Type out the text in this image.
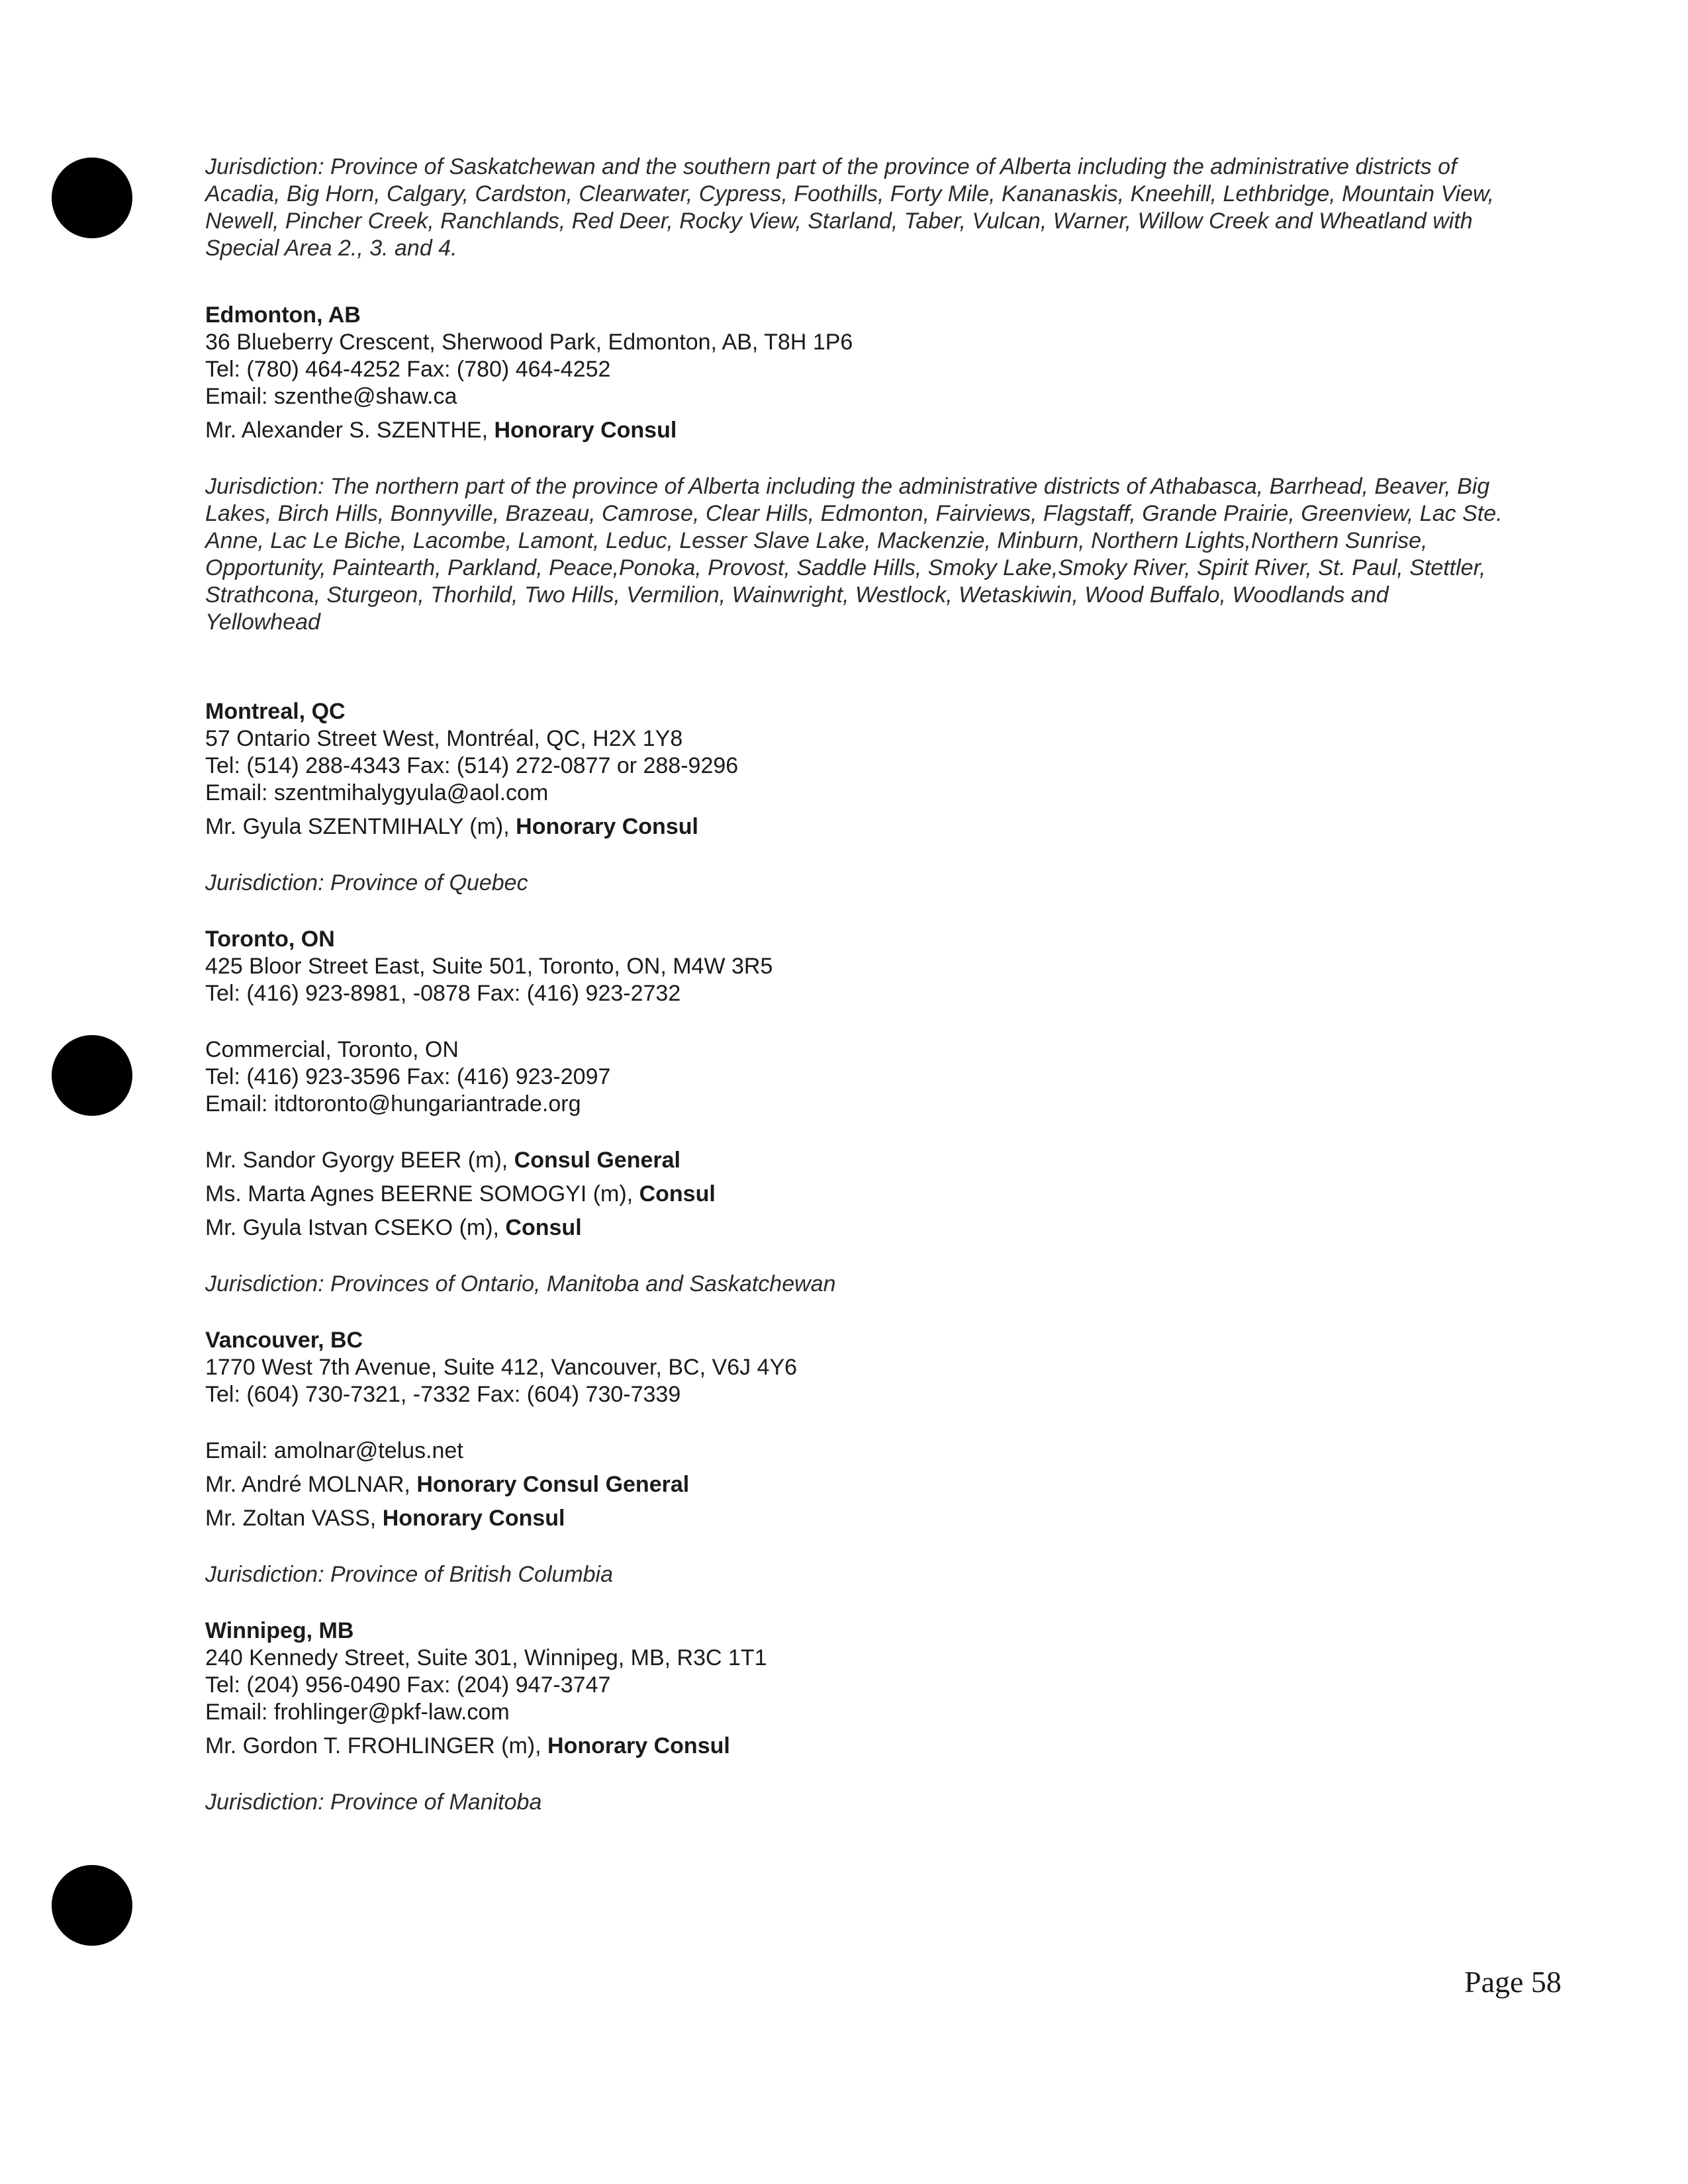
Jurisdiction: Province of Saskatchewan and the southern part of the province of Alberta including the administrative districts of Acadia, Big Horn, Calgary, Cardston, Clearwater, Cypress, Foothills, Forty Mile, Kananaskis, Kneehill, Lethbridge, Mountain View, Newell, Pincher Creek, Ranchlands, Red Deer, Rocky View, Starland, Taber, Vulcan, Warner, Willow Creek and Wheatland with Special Area 2., 3. and 4.

Edmonton, AB

36 Blueberry Crescent, Sherwood Park, Edmonton, AB, T8H 1P6

Tel: (780) 464-4252 Fax: (780) 464-4252

Email: szenthe@shaw.ca

Mr. Alexander S. SZENTHE, Honorary Consul

Jurisdiction: The northern part of the province of Alberta including the administrative districts of Athabasca, Barrhead, Beaver, Big Lakes, Birch Hills, Bonnyville, Brazeau, Camrose, Clear Hills, Edmonton, Fairviews, Flagstaff, Grande Prairie, Greenview, Lac Ste. Anne, Lac Le Biche, Lacombe, Lamont, Leduc, Lesser Slave Lake, Mackenzie, Minburn, Northern Lights,Northern Sunrise, Opportunity, Paintearth, Parkland, Peace,Ponoka, Provost, Saddle Hills, Smoky Lake,Smoky River, Spirit River, St. Paul, Stettler, Strathcona, Sturgeon, Thorhild, Two Hills, Vermilion, Wainwright, Westlock, Wetaskiwin, Wood Buffalo, Woodlands and Yellowhead

Montreal, QC

57 Ontario Street West, Montréal, QC, H2X 1Y8

Tel: (514) 288-4343 Fax: (514) 272-0877 or 288-9296

Email: szentmihalygyula@aol.com

Mr. Gyula SZENTMIHALY (m), Honorary Consul

Jurisdiction: Province of Quebec

Toronto, ON

425 Bloor Street East, Suite 501, Toronto, ON, M4W 3R5

Tel: (416) 923-8981, -0878 Fax: (416) 923-2732

Commercial, Toronto, ON

Tel: (416) 923-3596 Fax: (416) 923-2097

Email: itdtoronto@hungariantrade.org

Mr. Sandor Gyorgy BEER (m), Consul General

Ms. Marta Agnes BEERNE SOMOGYI (m), Consul

Mr. Gyula Istvan CSEKO (m), Consul

Jurisdiction: Provinces of Ontario, Manitoba and Saskatchewan

Vancouver, BC

1770 West 7th Avenue, Suite 412, Vancouver, BC, V6J 4Y6

Tel: (604) 730-7321, -7332 Fax: (604) 730-7339

Email: amolnar@telus.net

Mr. André MOLNAR, Honorary Consul General

Mr. Zoltan VASS, Honorary Consul

Jurisdiction: Province of British Columbia

Winnipeg, MB

240 Kennedy Street, Suite 301, Winnipeg, MB, R3C 1T1

Tel: (204) 956-0490 Fax: (204) 947-3747

Email: frohlinger@pkf-law.com

Mr. Gordon T. FROHLINGER (m), Honorary Consul

Jurisdiction: Province of Manitoba

Page 58
